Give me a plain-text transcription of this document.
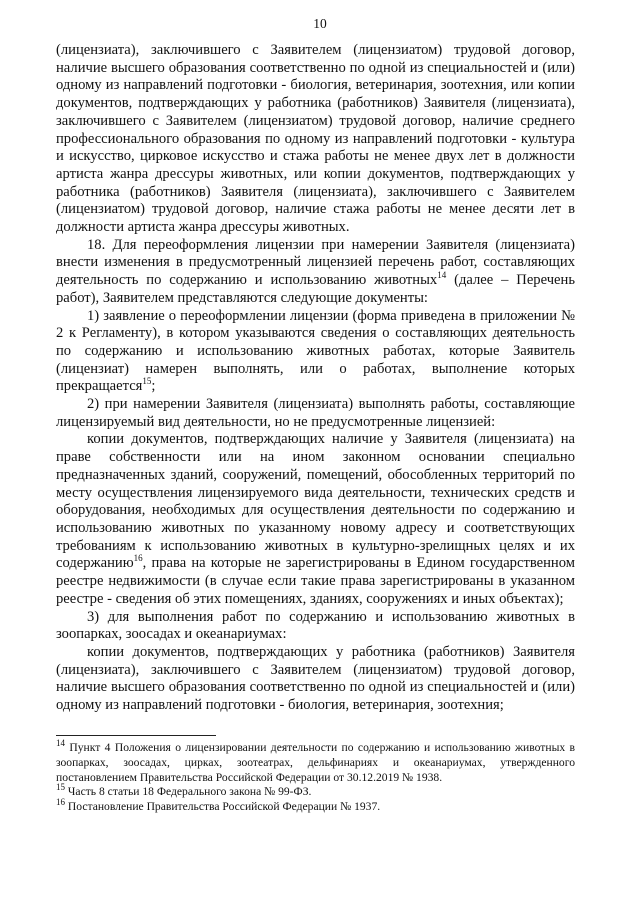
10

(лицензиата), заключившего с Заявителем (лицензиатом) трудовой договор, наличие высшего образования соответственно по одной из специальностей и (или) одному из направлений подготовки - биология, ветеринария, зоотехния, или копии документов, подтверждающих у работника (работников) Заявителя (лицензиата), заключившего с Заявителем (лицензиатом) трудовой договор, наличие среднего профессионального образования по одному из направлений подготовки - культура и искусство, цирковое искусство и стажа работы не менее двух лет в должности артиста жанра дрессуры животных, или копии документов, подтверждающих у работника (работников) Заявителя (лицензиата), заключившего с Заявителем (лицензиатом) трудовой договор, наличие стажа работы не менее десяти лет в должности артиста жанра дрессуры животных.

18. Для переоформления лицензии при намерении Заявителя (лицензиата) внести изменения в предусмотренный лицензией перечень работ, составляющих деятельность по содержанию и использованию животных$^{14}$ (далее – Перечень работ), Заявителем представляются следующие документы:

1) заявление о переоформлении лицензии (форма приведена в приложении № 2 к Регламенту), в котором указываются сведения о составляющих деятельность по содержанию и использованию животных работах, которые Заявитель (лицензиат) намерен выполнять, или о работах, выполнение которых прекращается$^{15}$;

2) при намерении Заявителя (лицензиата) выполнять работы, составляющие лицензируемый вид деятельности, но не предусмотренные лицензией:

копии документов, подтверждающих наличие у Заявителя (лицензиата) на праве собственности или на ином законном основании специально предназначенных зданий, сооружений, помещений, обособленных территорий по месту осуществления лицензируемого вида деятельности, технических средств и оборудования, необходимых для осуществления деятельности по содержанию и использованию животных по указанному новому адресу и соответствующих требованиям к использованию животных в культурно-зрелищных целях и их содержанию$^{16}$, права на которые не зарегистрированы в Едином государственном реестре недвижимости (в случае если такие права зарегистрированы в указанном реестре - сведения об этих помещениях, зданиях, сооружениях и иных объектах);

3) для выполнения работ по содержанию и использованию животных в зоопарках, зоосадах и океанариумах:

копии документов, подтверждающих у работника (работников) Заявителя (лицензиата), заключившего с Заявителем (лицензиатом) трудовой договор, наличие высшего образования соответственно по одной из специальностей и (или) одному из направлений подготовки - биология, ветеринария, зоотехния;

$^{14}$ Пункт 4 Положения о лицензировании деятельности по содержанию и использованию животных в зоопарках, зоосадах, цирках, зоотеатрах, дельфинариях и океанариумах, утвержденного постановлением Правительства Российской Федерации от 30.12.2019 № 1938.

$^{15}$ Часть 8 статьи 18 Федерального закона № 99-ФЗ.

$^{16}$ Постановление Правительства Российской Федерации № 1937.
